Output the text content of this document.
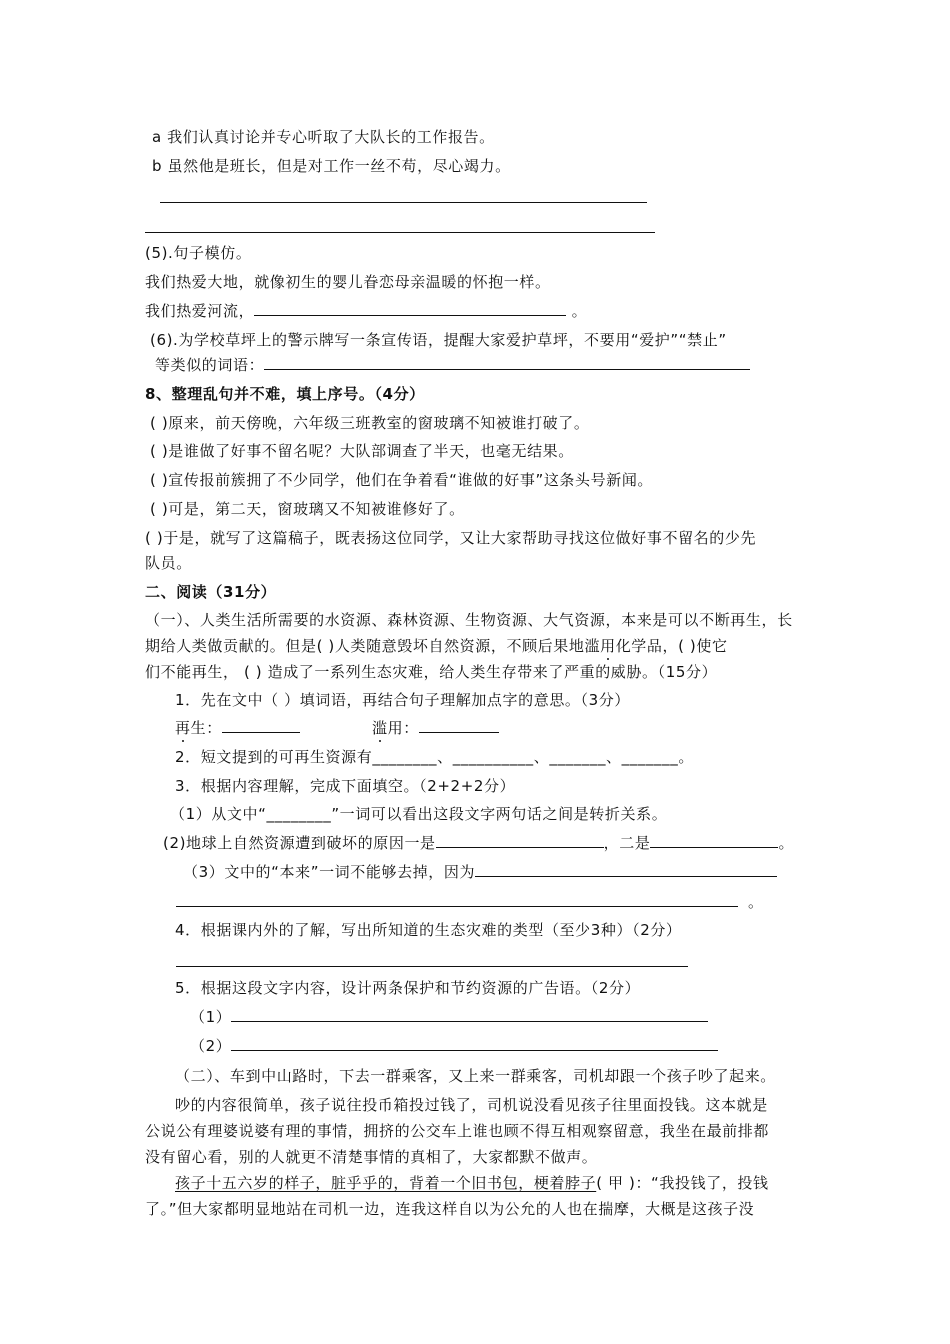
a 我们认真讨论并专心听取了大队长的工作报告。
b 虽然他是班长，但是对工作一丝不苟，尽心竭力。
(5).句子模仿。
我们热爱大地，就像初生的婴儿眷恋母亲温暖的怀抱一样。
我们热爱河流，	。
(6).为学校草坪上的警示牌写一条宣传语，提醒大家爱护草坪，不要用“爱护”“禁止”
等类似的词语：
8、整理乱句并不难，填上序号。（4分）
( )原来，前天傍晚，六年级三班教室的窗玻璃不知被谁打破了。
( )是谁做了好事不留名呢？大队部调查了半天，也毫无结果。
( )宣传报前簇拥了不少同学，他们在争着看“谁做的好事”这条头号新闻。
( )可是，第二天，窗玻璃又不知被谁修好了。
( )于是，就写了这篇稿子，既表扬这位同学，又让大家帮助寻找这位做好事不留名的少先
队员。
二、阅读（31分）
（一）、人类生活所需要的水资源、森林资源、生物资源、大气资源，本来是可以不断再生，长
期给人类做贡献的。但是( )人类随意毁坏自然资源，不顾后果地滥用化学品，( )使它
们不能再生， ( ) 造成了一系列生态灾难，给人类生存带来了严重的威胁。（15分）
1．先在文中（ ）填词语，再结合句子理解加点字的意思。（3分）
再生：	滥用：
2．短文提到的可再生资源有________、__________、_______、_______。
3．根据内容理解，完成下面填空。（2+2+2分）
（1）从文中“________”一词可以看出这段文字两句话之间是转折关系。
(2)地球上自然资源遭到破坏的原因一是	，二是	。
（3）文中的“本来”一词不能够去掉，因为
。
4．根据课内外的了解，写出所知道的生态灾难的类型（至少3种）（2分）
5．根据这段文字内容，设计两条保护和节约资源的广告语。（2分）
（1）
（2）
（二）、车到中山路时，下去一群乘客，又上来一群乘客，司机却跟一个孩子吵了起来。
吵的内容很简单，孩子说往投币箱投过钱了，司机说没看见孩子往里面投钱。这本就是
公说公有理婆说婆有理的事情，拥挤的公交车上谁也顾不得互相观察留意，我坐在最前排都
没有留心看，别的人就更不清楚事情的真相了，大家都默不做声。
孩子十五六岁的样子，脏乎乎的，背着一个旧书包，梗着脖子( 甲 )：“我投钱了，投钱
了。”但大家都明显地站在司机一边，连我这样自以为公允的人也在揣摩，大概是这孩子没
